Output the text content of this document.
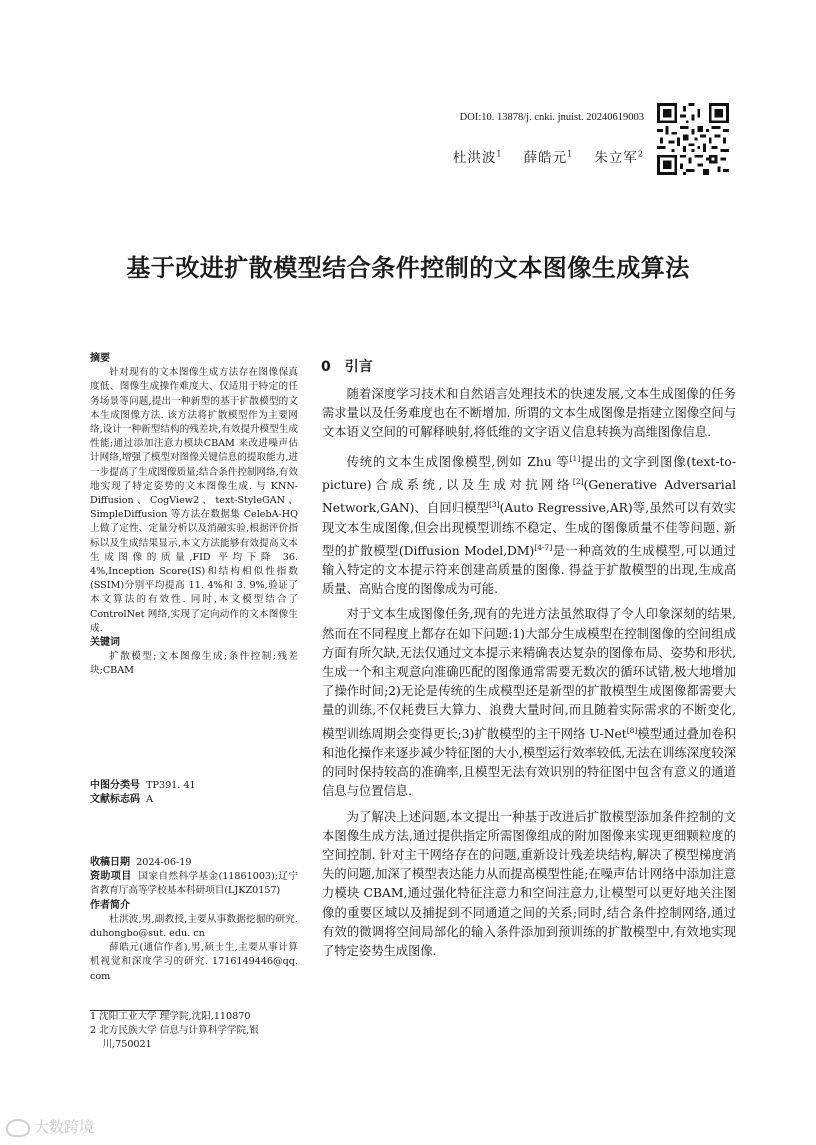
DOI:10. 13878/j. cnki. jnuist. 20240619003
杜洪波$^1$ 薛皓元$^1$ 朱立军$^2$
基于改进扩散模型结合条件控制的文本图像生成算法
摘要

针对现有的文本图像生成方法存在图像保真度低、图像生成操作难度大、仅适用于特定的任务场景等问题,提出一种新型的基于扩散模型的文本生成图像方法. 该方法将扩散模型作为主要网络,设计一种新型结构的残差块,有效提升模型生成性能;通过添加注意力模块CBAM 来改进噪声估计网络,增强了模型对图像关键信息的提取能力,进一步提高了生成图像质量;结合条件控制网络,有效地实现了特定姿势的文本图像生成. 与 KNN-Diffusion、CogView2、text-StyleGAN、SimpleDiffusion 等方法在数据集 CelebA-HQ 上做了定性、定量分析以及消融实验,根据评价指标以及生成结果显示,本文方法能够有效提高文本生成图像的质量,FID 平均下降 36. 4%,Inception Score(IS)和结构相似性指数(SSIM)分别平均提高 11. 4%和 3. 9%,验证了本文算法的有效性. 同时,本文模型结合了 ControlNet 网络,实现了定向动作的文本图像生成.

关键词

扩散模型;文本图像生成;条件控制;残差块;CBAM

中图分类号 TP391. 41

文献标志码 A

收稿日期 2024-06-19

资助项目 国家自然科学基金(11861003);辽宁省教育厅高等学校基本科研项目(LJKZ0157)

作者简介

杜洪波,男,副教授,主要从事数据挖掘的研究. duhongbo@sut. edu. cn

薛皓元(通信作者),男,硕士生,主要从事计算机视觉和深度学习的研究. 1716149446@qq. com

1 沈阳工业大学 理学院,沈阳,110870

2 北方民族大学 信息与计算科学学院,银川,750021

0 引言

随着深度学习技术和自然语言处理技术的快速发展,文本生成图像的任务需求量以及任务难度也在不断增加. 所谓的文本生成图像是指建立图像空间与文本语义空间的可解释映射,将低维的文字语义信息转换为高维图像信息.

传统的文本生成图像模型,例如 Zhu 等[1]提出的文字到图像(text-to-picture)合成系统,以及生成对抗网络[2](Generative Adversarial Network,GAN)、自回归模型[3](Auto Regressive,AR)等,虽然可以有效实现文本生成图像,但会出现模型训练不稳定、生成的图像质量不佳等问题. 新型的扩散模型(Diffusion Model,DM)[4-7]是一种高效的生成模型,可以通过输入特定的文本提示符来创建高质量的图像. 得益于扩散模型的出现,生成高质量、高贴合度的图像成为可能.

对于文本生成图像任务,现有的先进方法虽然取得了令人印象深刻的结果,然而在不同程度上都存在如下问题:1)大部分生成模型在控制图像的空间组成方面有所欠缺,无法仅通过文本提示来精确表达复杂的图像布局、姿势和形状,生成一个和主观意向准确匹配的图像通常需要无数次的循环试错,极大地增加了操作时间;2)无论是传统的生成模型还是新型的扩散模型生成图像都需要大量的训练,不仅耗费巨大算力、浪费大量时间,而且随着实际需求的不断变化,模型训练周期会变得更长;3)扩散模型的主干网络 U-Net[8]模型通过叠加卷积和池化操作来逐步减少特征图的大小,模型运行效率较低,无法在训练深度较深的同时保持较高的准确率,且模型无法有效识别的特征图中包含有意义的通道信息与位置信息.

为了解决上述问题,本文提出一种基于改进后扩散模型添加条件控制的文本图像生成方法,通过提供指定所需图像组成的附加图像来实现更细颗粒度的空间控制. 针对主干网络存在的问题,重新设计残差块结构,解决了模型梯度消失的问题,加深了模型表达能力从而提高模型性能;在噪声估计网络中添加注意力模块 CBAM,通过强化特征注意力和空间注意力,让模型可以更好地关注图像的重要区域以及捕捉到不同通道之间的关系;同时,结合条件控制网络,通过有效的微调将空间局部化的输入条件添加到预训练的扩散模型中,有效地实现了特定姿势生成图像.

大数跨境
